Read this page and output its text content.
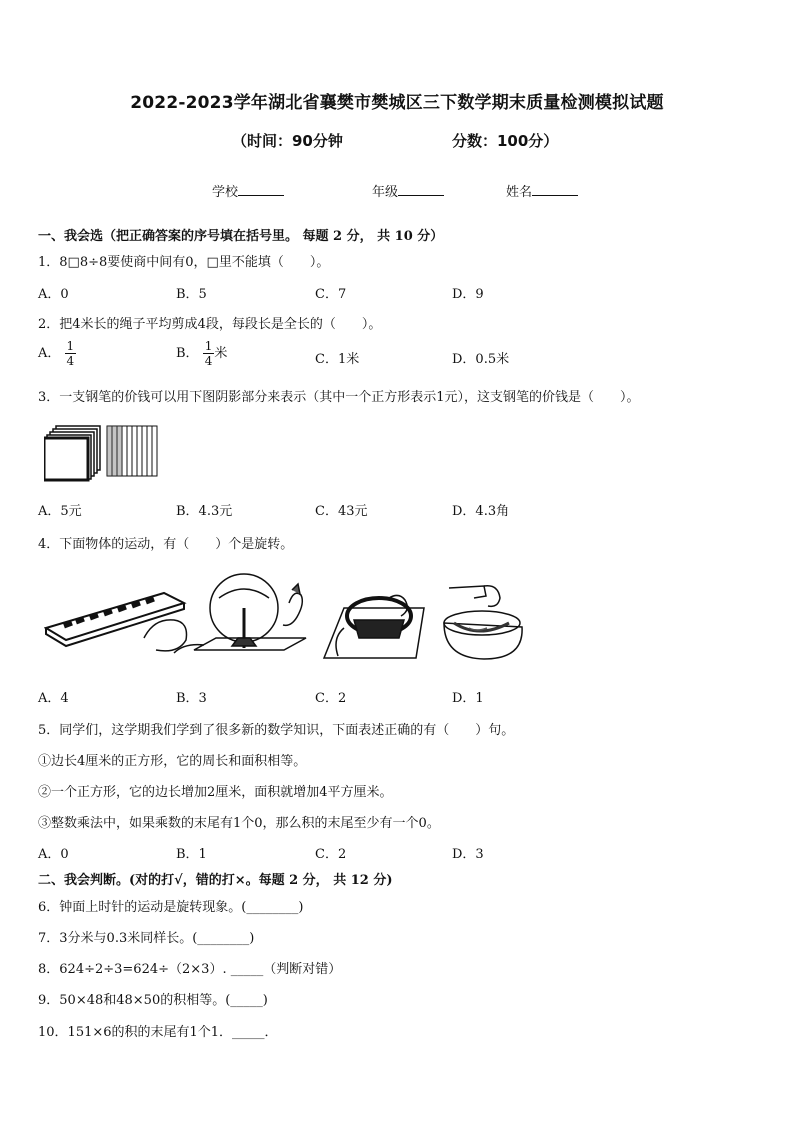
2022-2023学年湖北省襄樊市樊城区三下数学期末质量检测模拟试题
（时间：90分钟	分数：100分）
学校	年级	姓名
一、我会选（把正确答案的序号填在括号里。 每题 2 分， 共 10 分）
1．8□8÷8要使商中间有0，□里不能填（　　）。
A．0	B．5	C．7	D．9
2．把4米长的绳子平均剪成4段，每段长是全长的（　　）。
A． $\frac{1}{4}$	B． $\frac{1}{4}$ 米	C．1米	D．0.5米
3．一支钢笔的价钱可以用下图阴影部分来表示（其中一个正方形表示1元），这支钢笔的价钱是（　　）。
A．5元	B．4.3元	C．43元	D．4.3角
4．下面物体的运动，有（　　）个是旋转。
A．4	B．3	C．2	D．1
5．同学们，这学期我们学到了很多新的数学知识，下面表述正确的有（　　）句。
①边长4厘米的正方形，它的周长和面积相等。
②一个正方形，它的边长增加2厘米，面积就增加4平方厘米。
③整数乘法中，如果乘数的末尾有1个0，那么积的末尾至少有一个0。
A．0	B．1	C．2	D．3
二、我会判断。(对的打√，错的打×。每题 2 分， 共 12 分)
6．钟面上时针的运动是旋转现象。(________)
7．3分米与0.3米同样长。(________)
8．624÷2÷3=624÷（2×3）. _____（判断对错）
9．50×48和48×50的积相等。(_____)
10．151×6的积的末尾有1个1．_____．
